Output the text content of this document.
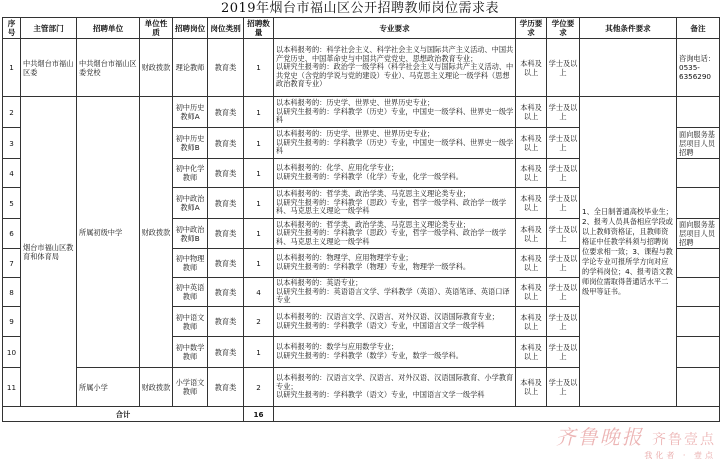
2019年烟台市福山区公开招聘教师岗位需求表
序号	主管部门	招聘单位	单位性质	招聘岗位	岗位类别	招聘数量	专业要求	学历要求	学位要求	其他条件要求	备注
1	中共烟台市福山区委	中共烟台市福山区委党校	财政拨款	理论教师	教育类	1	以本科报考的：科学社会主义、科学社会主义与国际共产主义活动、中国共产党历史、中国革命史与中国共产党党史、思想政治教育专业；
以研究生报考的：政治学一级学科（科学社会主义与国际共产主义活动、中共党史（含党的学说与党的建设）专业）、马克思主义理论一级学科（思想政治教育专业）	本科及以上	学士及以上		咨询电话：0535-6356290
2	烟台市福山区教育和体育局	所属初级中学	财政拨款	初中历史教师A	教育类	1	以本科报考的：历史学、世界史、世界历史专业；
以研究生报考的：学科教学（历史）专业，中国史一级学科、世界史一级学科	本科及以上	学士及以上	1、全日制普通高校毕业生；2、报考人员具备相应学段或以上教师资格证，且教师资格证中任教学科须与招聘岗位要求相一致；3、课程与教学论专业可报所学方向对应的学科岗位；4、报考语文教师岗位需取得普通话水平二级甲等证书。	
3				初中历史教师B	教育类	1	以本科报考的：历史学、世界史、世界历史专业；
以研究生报考的：学科教学（历史）专业，中国史一级学科、世界史一级学科	本科及以上	学士及以上		面向服务基层项目人员招聘
4				初中化学教师	教育类	1	以本科报考的：化学、应用化学专业；
以研究生报考的：学科教学（化学）专业，化学一级学科。	本科及以上	学士及以上		
5				初中政治教师A	教育类	1	以本科报考的：哲学类、政治学类、马克思主义理论类专业；
以研究生报考的：学科教学（思政）专业，哲学一级学科、政治学一级学科、马克思主义理论一级学科	本科及以上	学士及以上		
6				初中政治教师B	教育类	1	以本科报考的：哲学类、政治学类、马克思主义理论类专业；
以研究生报考的：学科教学（思政）专业，哲学一级学科、政治学一级学科、马克思主义理论一级学科	本科及以上	学士及以上		面向服务基层项目人员招聘
7				初中物理教师	教育类	1	以本科报考的：物理学、应用物理学专业；
以研究生报考的：学科教学（物理）专业，物理学一级学科。	本科及以上	学士及以上		
8				初中英语教师	教育类	4	以本科报考的：英语专业；
以研究生报考的：英语语言文学、学科教学（英语）、英语笔译、英语口译专业	本科及以上	学士及以上		
9				初中语文教师	教育类	2	以本科报考的：汉语言文学、汉语言、对外汉语、汉语国际教育专业；
以研究生报考的：学科教学（语文）专业，中国语言文学一级学科	本科及以上	学士及以上		
10				初中数学教师	教育类	1	以本科报考的：数学与应用数学专业；
以研究生报考的：学科教学（数学）专业，数学一级学科。	本科及以上	学士及以上		
11		所属小学	财政拨款	小学语文教师	教育类	2	以本科报考的：汉语言文学、汉语言、对外汉语、汉语国际教育、小学教育专业；
以研究生报考的：学科教学（语文）专业，中国语言文学一级学科	本科及以上	学士及以上		
合计						16					
齐鲁晚报 齐鲁壹点
我化者 · 壹点
